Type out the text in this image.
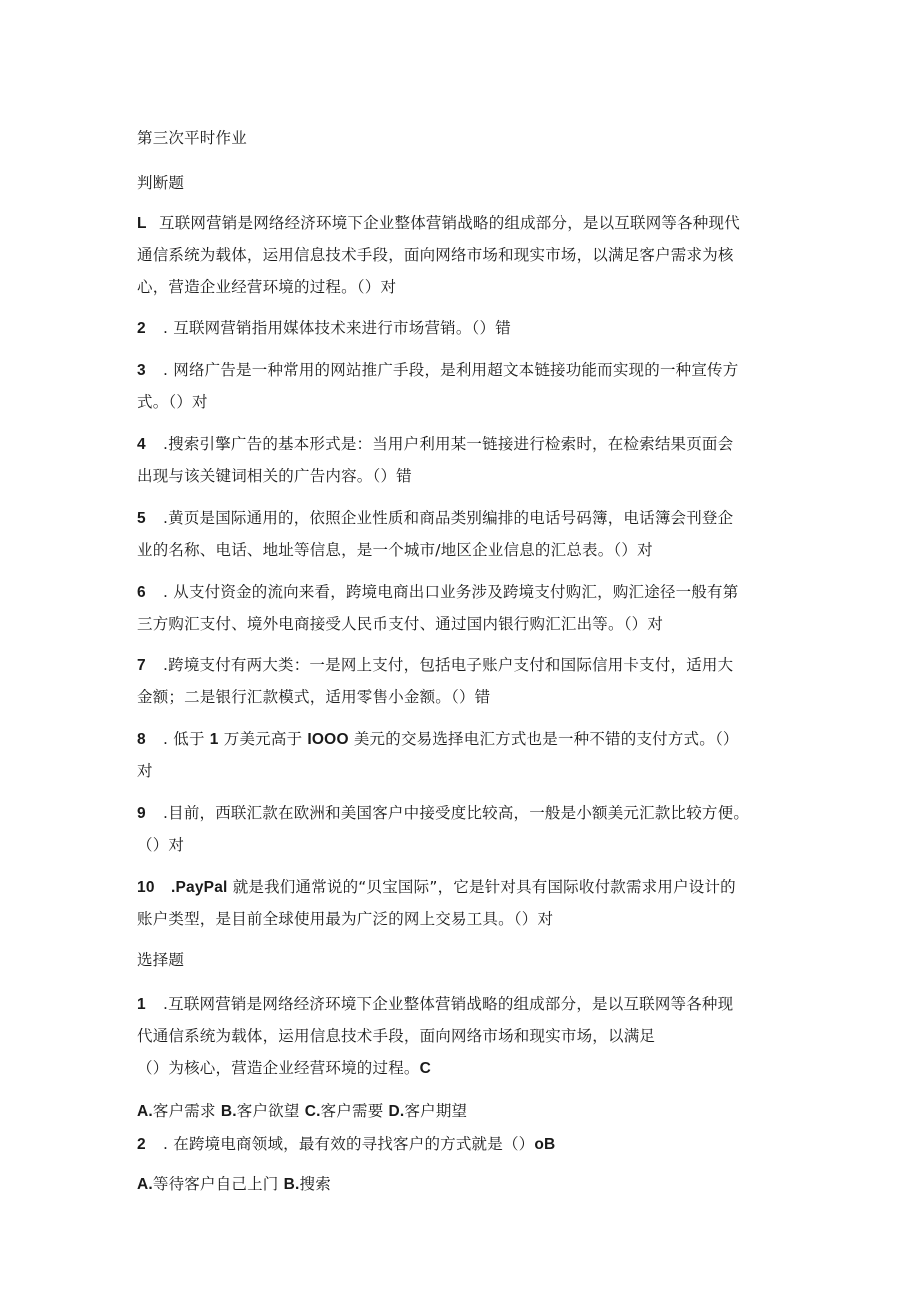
第三次平时作业
判断题
L 互联网营销是网络经济环境下企业整体营销战略的组成部分，是以互联网等各种现代
通信系统为载体，运用信息技术手段，面向网络市场和现实市场，以满足客户需求为核
心，营造企业经营环境的过程。（）对
2 . 互联网营销指用媒体技术来进行市场营销。（）错
3 . 网络广告是一种常用的网站推广手段，是利用超文本链接功能而实现的一种宣传方
式。（）对
4 .搜索引擎广告的基本形式是：当用户利用某一链接进行检索时，在检索结果页面会
出现与该关键词相关的广告内容。（）错
5 .黄页是国际通用的，依照企业性质和商品类别编排的电话号码簿，电话簿会刊登企
业的名称、电话、地址等信息，是一个城市/地区企业信息的汇总表。（）对
6 . 从支付资金的流向来看，跨境电商出口业务涉及跨境支付购汇，购汇途径一般有第
三方购汇支付、境外电商接受人民币支付、通过国内银行购汇汇出等。（）对
7 .跨境支付有两大类：一是网上支付，包括电子账户支付和国际信用卡支付，适用大
金额；二是银行汇款模式，适用零售小金额。（）错
8 . 低于 1 万美元高于 IOOO 美元的交易选择电汇方式也是一种不错的支付方式。（）
对
9 .目前，西联汇款在欧洲和美国客户中接受度比较高，一般是小额美元汇款比较方便。
（）对
10 .PayPal 就是我们通常说的“贝宝国际”，它是针对具有国际收付款需求用户设计的
账户类型，是目前全球使用最为广泛的网上交易工具。（）对
选择题
1 .互联网营销是网络经济环境下企业整体营销战略的组成部分，是以互联网等各种现
代通信系统为载体，运用信息技术手段，面向网络市场和现实市场，以满足
（）为核心，营造企业经营环境的过程。C
A.客户需求 B.客户欲望 C.客户需要 D.客户期望
2 . 在跨境电商领域，最有效的寻找客户的方式就是（）oB
A.等待客户自己上门 B.搜索
